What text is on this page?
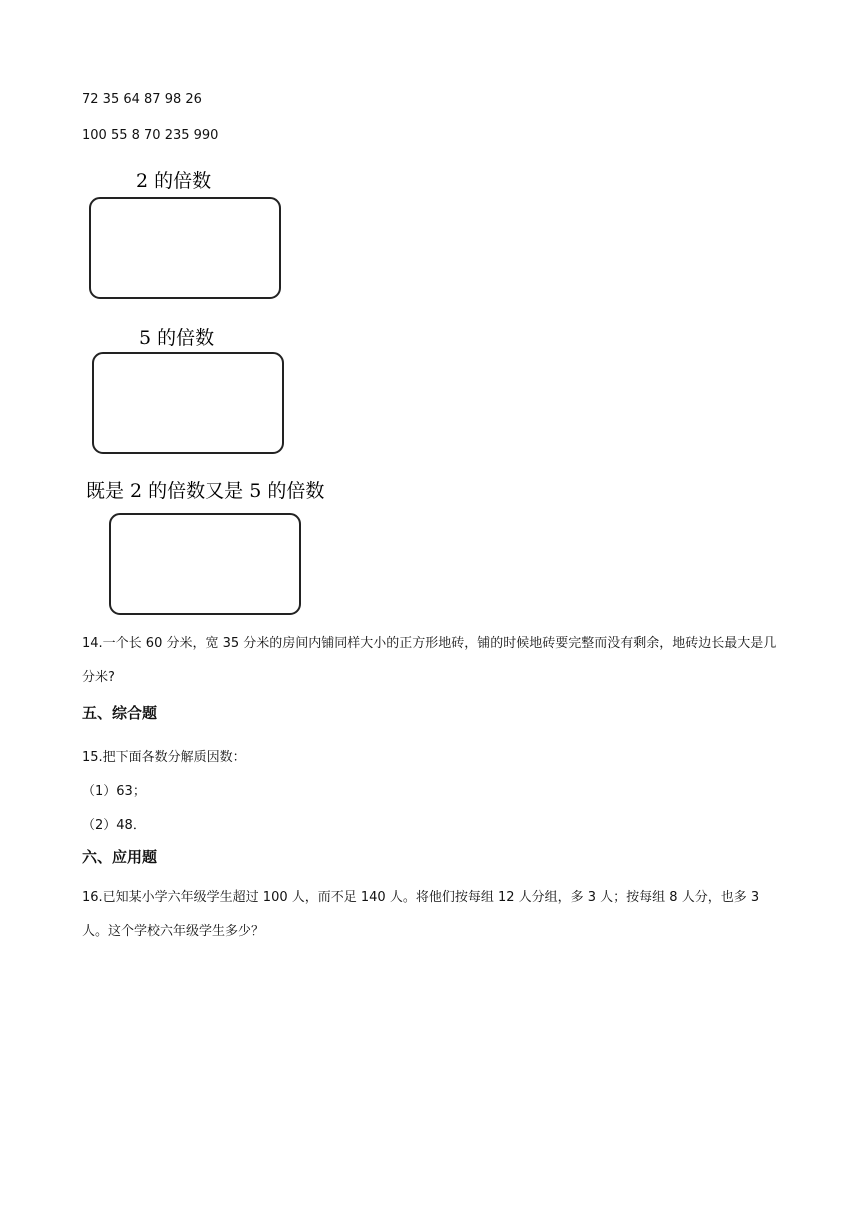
72 35 64 87 98 26
100 55 8 70 235 990
2 的倍数
5 的倍数
既是 2 的倍数又是 5 的倍数
14.一个长 60 分米，宽 35 分米的房间内铺同样大小的正方形地砖，铺的时候地砖要完整而没有剩余，地砖边长最大是几分米?
五、综合题
15.把下面各数分解质因数：
（1）63；
（2）48．
六、应用题
16.已知某小学六年级学生超过 100 人，而不足 140 人。将他们按每组 12 人分组，多 3 人；按每组 8 人分，也多 3 人。这个学校六年级学生多少？
